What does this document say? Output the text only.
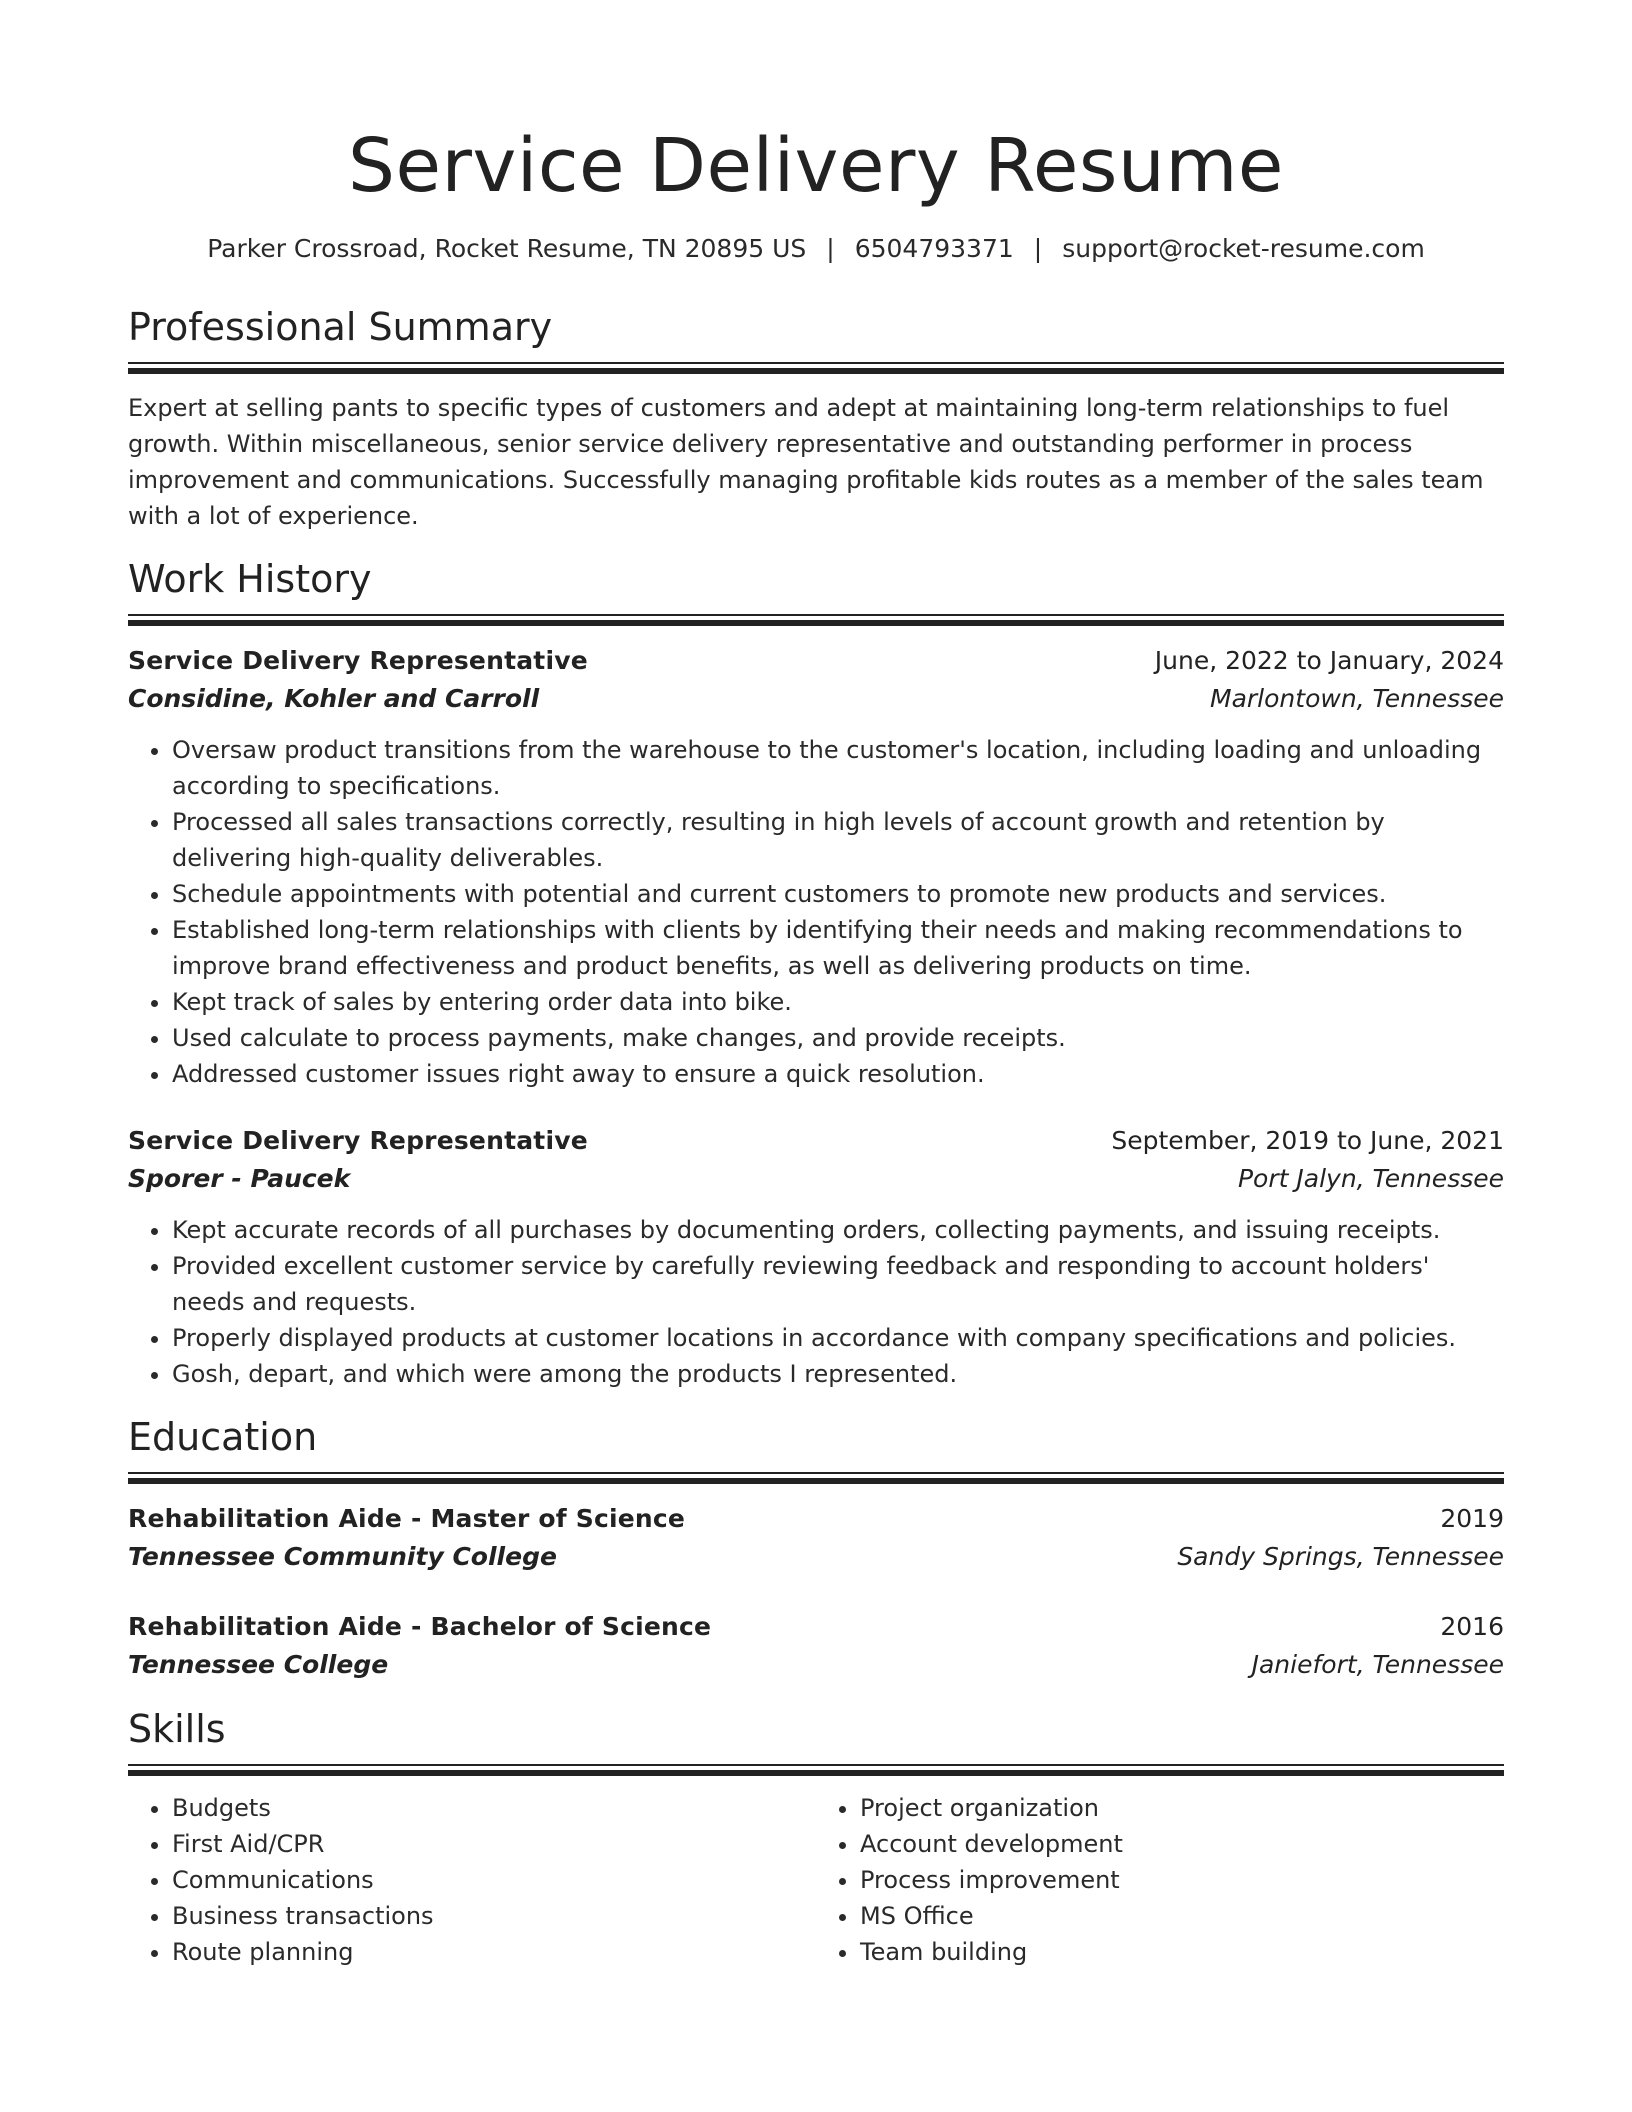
Service Delivery Resume
Parker Crossroad, Rocket Resume, TN 20895 US | 6504793371 | support@rocket-resume.com
Professional Summary

Expert at selling pants to specific types of customers and adept at maintaining long-term relationships to fuel growth. Within miscellaneous, senior service delivery representative and outstanding performer in process improvement and communications. Successfully managing profitable kids routes as a member of the sales team with a lot of experience.

Work History
Service Delivery Representative	June, 2022 to January, 2024
Considine, Kohler and Carroll	Marlontown, Tennessee
• Oversaw product transitions from the warehouse to the customer's location, including loading and unloading according to specifications.
• Processed all sales transactions correctly, resulting in high levels of account growth and retention by delivering high-quality deliverables.
• Schedule appointments with potential and current customers to promote new products and services.
• Established long-term relationships with clients by identifying their needs and making recommendations to improve brand effectiveness and product benefits, as well as delivering products on time.
• Kept track of sales by entering order data into bike.
• Used calculate to process payments, make changes, and provide receipts.
• Addressed customer issues right away to ensure a quick resolution.
Service Delivery Representative	September, 2019 to June, 2021
Sporer - Paucek	Port Jalyn, Tennessee
• Kept accurate records of all purchases by documenting orders, collecting payments, and issuing receipts.
• Provided excellent customer service by carefully reviewing feedback and responding to account holders' needs and requests.
• Properly displayed products at customer locations in accordance with company specifications and policies.
• Gosh, depart, and which were among the products I represented.
Education
Rehabilitation Aide - Master of Science	2019
Tennessee Community College	Sandy Springs, Tennessee
Rehabilitation Aide - Bachelor of Science	2016
Tennessee College	Janiefort, Tennessee
Skills
• Budgets
• First Aid/CPR
• Communications
• Business transactions
• Route planning
• Project organization
• Account development
• Process improvement
• MS Office
• Team building
